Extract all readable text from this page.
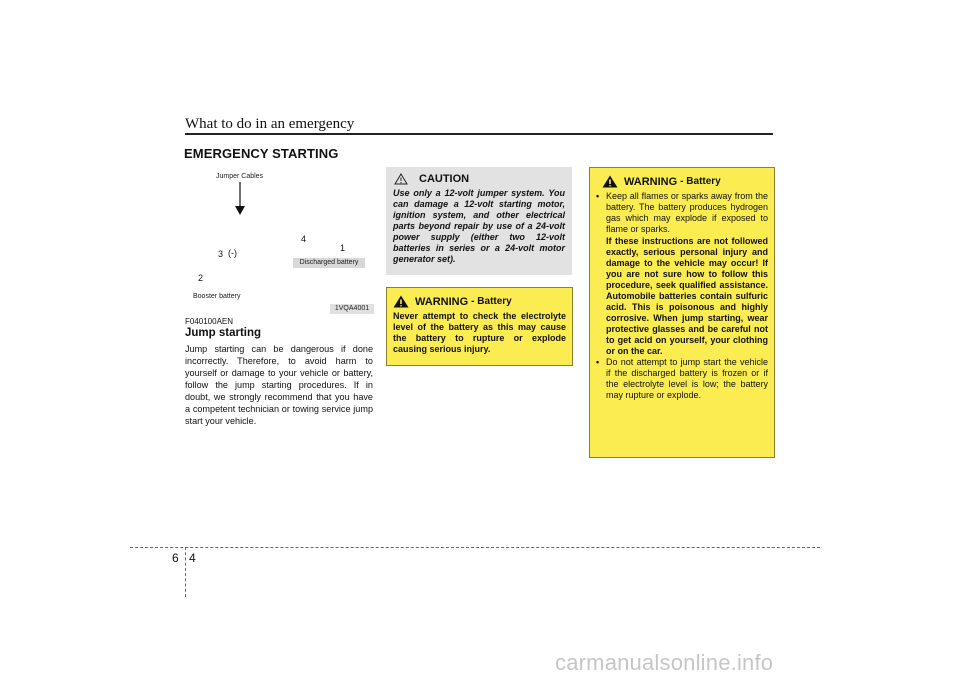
What to do in an emergency
EMERGENCY STARTING
Jumper Cables
3 (-)
4
1
Discharged battery
2
Booster battery
1VQA4001
F040100AEN
Jump starting
Jump starting can be dangerous if done incorrectly. Therefore, to avoid harm to yourself or damage to your vehicle or battery, follow the jump starting procedures. If in doubt, we strongly recommend that you have a competent technician or towing service jump start your vehicle.
CAUTION
Use only a 12-volt jumper system. You can damage a 12-volt starting motor, ignition system, and other electrical parts beyond repair by use of a 24-volt power supply (either two 12-volt batteries in series or a 24-volt motor generator set).
WARNING - Battery
Never attempt to check the electrolyte level of the battery as this may cause the battery to rupture or explode causing serious injury.
WARNING - Battery
• Keep all flames or sparks away from the battery. The battery produces hydrogen gas which may explode if exposed to flame or sparks.
If these instructions are not followed exactly, serious personal injury and damage to the vehicle may occur! If you are not sure how to follow this procedure, seek qualified assistance. Automobile batteries contain sulfuric acid. This is poisonous and highly corrosive. When jump starting, wear protective glasses and be careful not to get acid on yourself, your clothing or on the car.
• Do not attempt to jump start the vehicle if the discharged battery is frozen or if the electrolyte level is low; the battery may rupture or explode.
6 4
carmanualsonline.info
